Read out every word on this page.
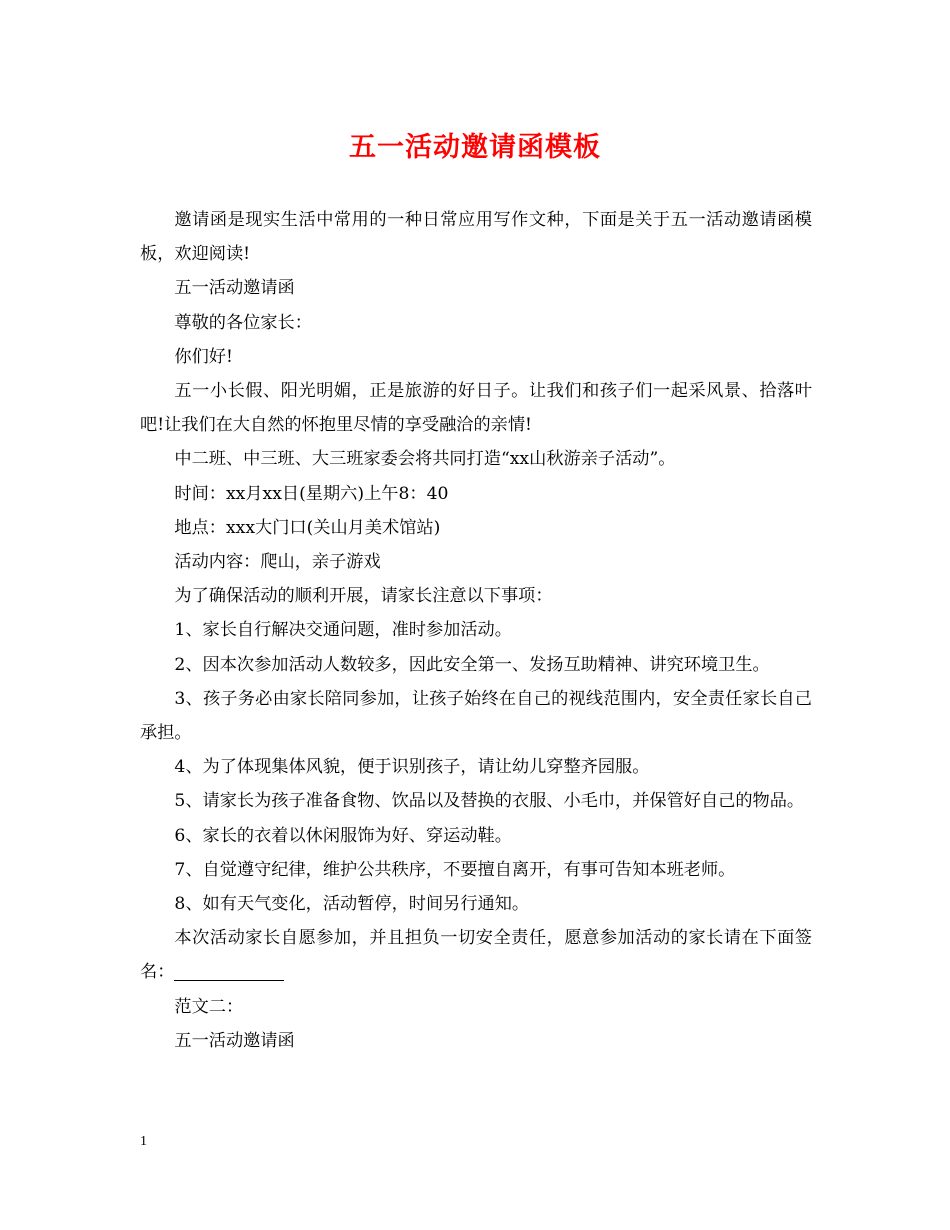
五一活动邀请函模板

邀请函是现实生活中常用的一种日常应用写作文种，下面是关于五一活动邀请函模板，欢迎阅读!

五一活动邀请函

尊敬的各位家长：

你们好!

五一小长假、阳光明媚，正是旅游的好日子。让我们和孩子们一起采风景、拾落叶吧!让我们在大自然的怀抱里尽情的享受融洽的亲情!

中二班、中三班、大三班家委会将共同打造“xx山秋游亲子活动”。

时间：xx月xx日(星期六)上午8：40

地点：xxx大门口(关山月美术馆站)

活动内容：爬山，亲子游戏

为了确保活动的顺利开展，请家长注意以下事项：

1、家长自行解决交通问题，准时参加活动。

2、因本次参加活动人数较多，因此安全第一、发扬互助精神、讲究环境卫生。

3、孩子务必由家长陪同参加，让孩子始终在自己的视线范围内，安全责任家长自己承担。

4、为了体现集体风貌，便于识别孩子，请让幼儿穿整齐园服。

5、请家长为孩子准备食物、饮品以及替换的衣服、小毛巾，并保管好自己的物品。

6、家长的衣着以休闲服饰为好、穿运动鞋。

7、自觉遵守纪律，维护公共秩序，不要擅自离开，有事可告知本班老师。

8、如有天气变化，活动暂停，时间另行通知。

本次活动家长自愿参加，并且担负一切安全责任，愿意参加活动的家长请在下面签名：

范文二：

五一活动邀请函

1
